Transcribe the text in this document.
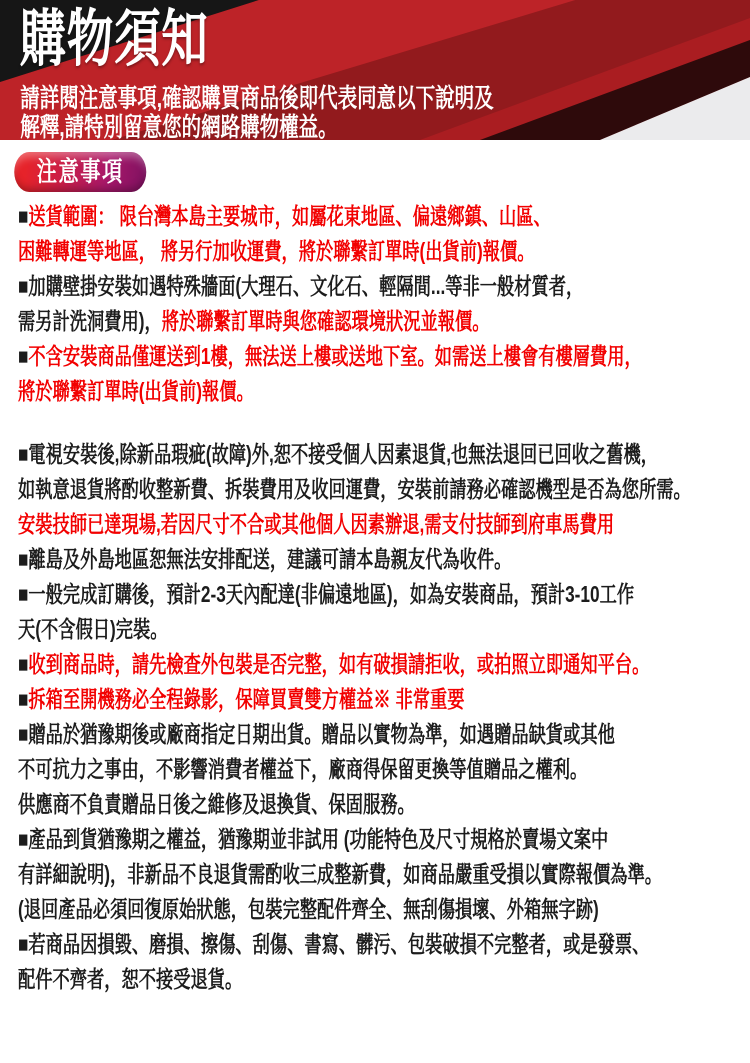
購物須知

請詳閱注意事項,確認購買商品後即代表同意以下說明及
解釋,請特別留意您的網路購物權益。

注意事項

■送貨範圍： 限台灣本島主要城市，如屬花東地區、偏遠鄉鎮、山區、
困難轉運等地區， 將另行加收運費，將於聯繫訂單時(出貨前)報價。

■加購壁掛安裝如遇特殊牆面(大理石、文化石、輕隔間...等非一般材質者，
需另計洗洞費用)，將於聯繫訂單時與您確認環境狀況並報價。

■不含安裝商品僅運送到1樓，無法送上樓或送地下室。如需送上樓會有樓層費用，
將於聯繫訂單時(出貨前)報價。

■電視安裝後,除新品瑕疵(故障)外,恕不接受個人因素退貨,也無法退回已回收之舊機，
如執意退貨將酌收整新費、拆裝費用及收回運費，安裝前請務必確認機型是否為您所需。
安裝技師已達現場,若因尺寸不合或其他個人因素辦退,需支付技師到府車馬費用

■離島及外島地區恕無法安排配送，建議可請本島親友代為收件。

■一般完成訂購後，預計2-3天內配達(非偏遠地區)，如為安裝商品，預計3-10工作
天(不含假日)完裝。

■收到商品時，請先檢查外包裝是否完整，如有破損請拒收，或拍照立即通知平台。

■拆箱至開機務必全程錄影，保障買賣雙方權益※ 非常重要

■贈品於猶豫期後或廠商指定日期出貨。贈品以實物為準，如遇贈品缺貨或其他
不可抗力之事由，不影響消費者權益下，廠商得保留更換等值贈品之權利。
供應商不負責贈品日後之維修及退換貨、保固服務。

■產品到貨猶豫期之權益，猶豫期並非試用 (功能特色及尺寸規格於賣場文案中
有詳細說明)，非新品不良退貨需酌收三成整新費，如商品嚴重受損以實際報價為準。
(退回產品必須回復原始狀態，包裝完整配件齊全、無刮傷損壞、外箱無字跡)

■若商品因損毀、磨損、擦傷、刮傷、書寫、髒污、包裝破損不完整者，或是發票、
配件不齊者，恕不接受退貨。
